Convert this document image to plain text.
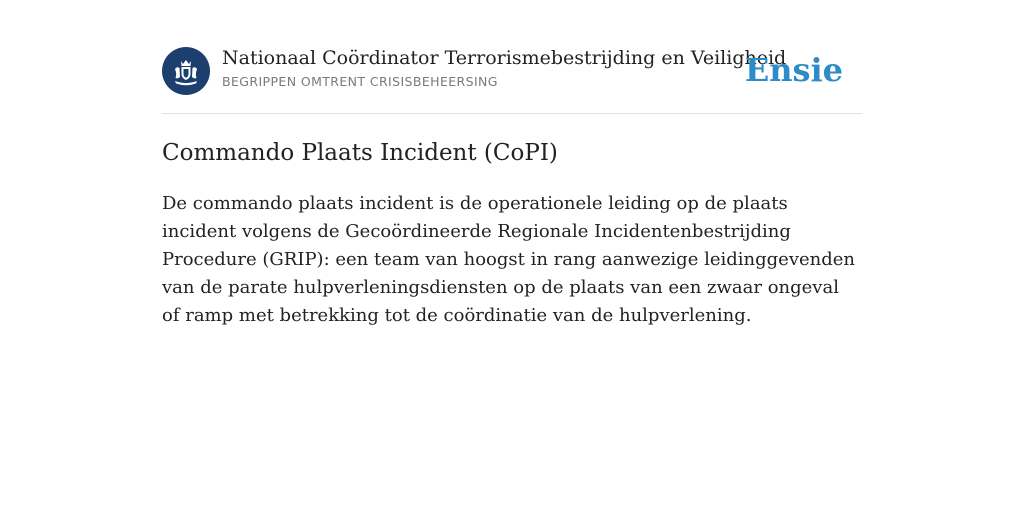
Nationaal Coördinator Terrorismebestrijding en Veiligheid
BEGRIPPEN OMTRENT CRISISBEHEERSING	Ensie
Commando Plaats Incident (CoPI)

De commando plaats incident is de operationele leiding op de plaats incident volgens de Gecoördineerde Regionale Incidentenbestrijding Procedure (GRIP): een team van hoogst in rang aanwezige leidinggevenden van de parate hulpverleningsdiensten op de plaats van een zwaar ongeval of ramp met betrekking tot de coördinatie van de hulpverlening.
